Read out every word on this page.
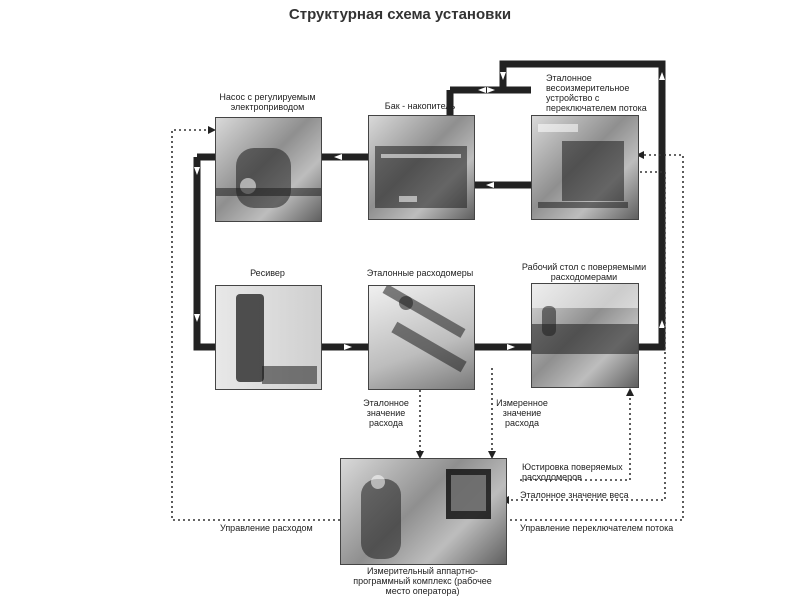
Структурная схема установки
Насос с регулируемым электроприводом	Бак - накопитель
Эталонное весоизмерительное устройство с переключателем потока
Ресивер	Эталонные расходомеры
Рабочий стол с поверяемыми расходомерами
Измерительный аппартно-программный комплекс (рабочее место оператора)
Эталонное значение расхода
Измеренное значение расхода
Юстировка поверяемых расходомеров
Эталонное значение веса
Управление расходом	Управление переключателем потока
